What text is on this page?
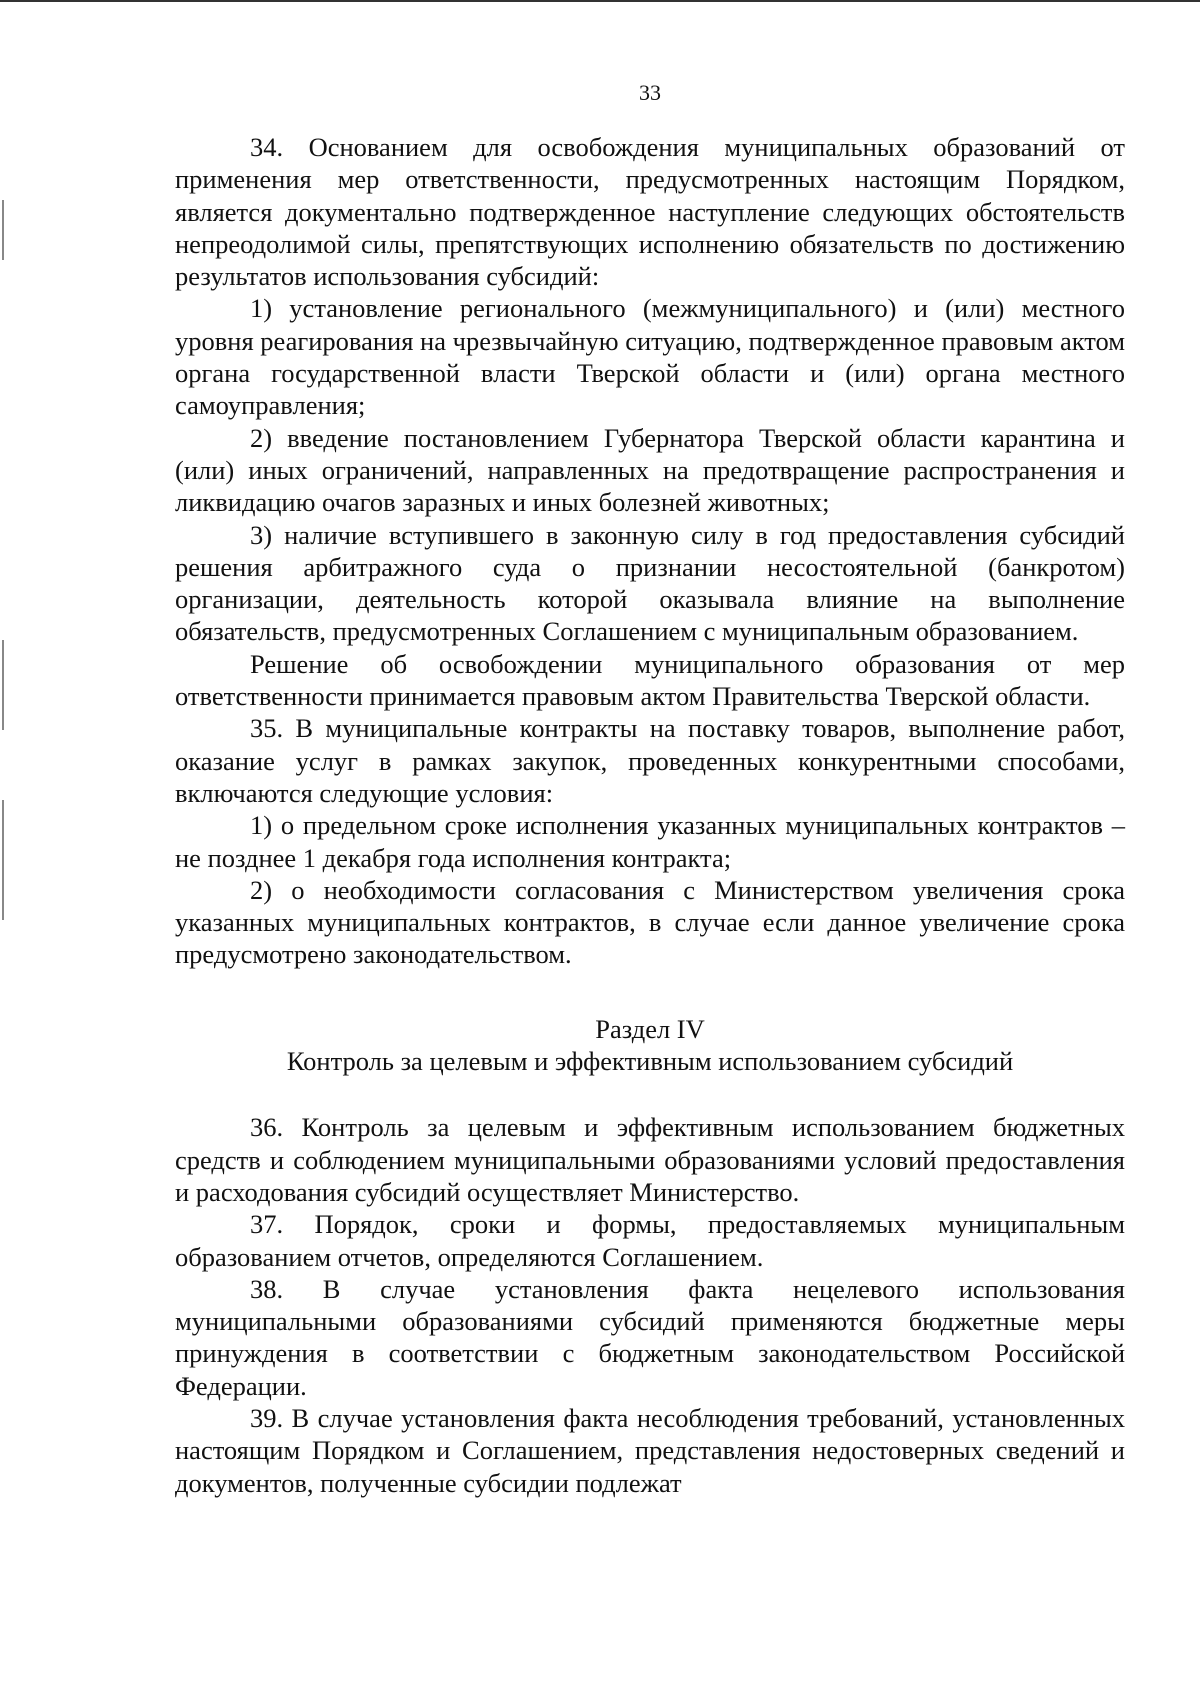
33

34. Основанием для освобождения муниципальных образований от применения мер ответственности, предусмотренных настоящим Порядком, является документально подтвержденное наступление следующих обстоятельств непреодолимой силы, препятствующих исполнению обязательств по достижению результатов использования субсидий:

1) установление регионального (межмуниципального) и (или) местного уровня реагирования на чрезвычайную ситуацию, подтвержденное правовым актом органа государственной власти Тверской области и (или) органа местного самоуправления;

2) введение постановлением Губернатора Тверской области карантина и (или) иных ограничений, направленных на предотвращение распространения и ликвидацию очагов заразных и иных болезней животных;

3) наличие вступившего в законную силу в год предоставления субсидий решения арбитражного суда о признании несостоятельной (банкротом) организации, деятельность которой оказывала влияние на выполнение обязательств, предусмотренных Соглашением с муниципальным образованием.

Решение об освобождении муниципального образования от мер ответственности принимается правовым актом Правительства Тверской области.

35. В муниципальные контракты на поставку товаров, выполнение работ, оказание услуг в рамках закупок, проведенных конкурентными способами, включаются следующие условия:

1) о предельном сроке исполнения указанных муниципальных контрактов – не позднее 1 декабря года исполнения контракта;

2) о необходимости согласования с Министерством увеличения срока указанных муниципальных контрактов, в случае если данное увеличение срока предусмотрено законодательством.

Раздел IV

Контроль за целевым и эффективным использованием субсидий

36. Контроль за целевым и эффективным использованием бюджетных средств и соблюдением муниципальными образованиями условий предоставления и расходования субсидий осуществляет Министерство.

37. Порядок, сроки и формы, предоставляемых муниципальным образованием отчетов, определяются Соглашением.

38. В случае установления факта нецелевого использования муниципальными образованиями субсидий применяются бюджетные меры принуждения в соответствии с бюджетным законодательством Российской Федерации.

39. В случае установления факта несоблюдения требований, установленных настоящим Порядком и Соглашением, представления недостоверных сведений и документов, полученные субсидии подлежат
